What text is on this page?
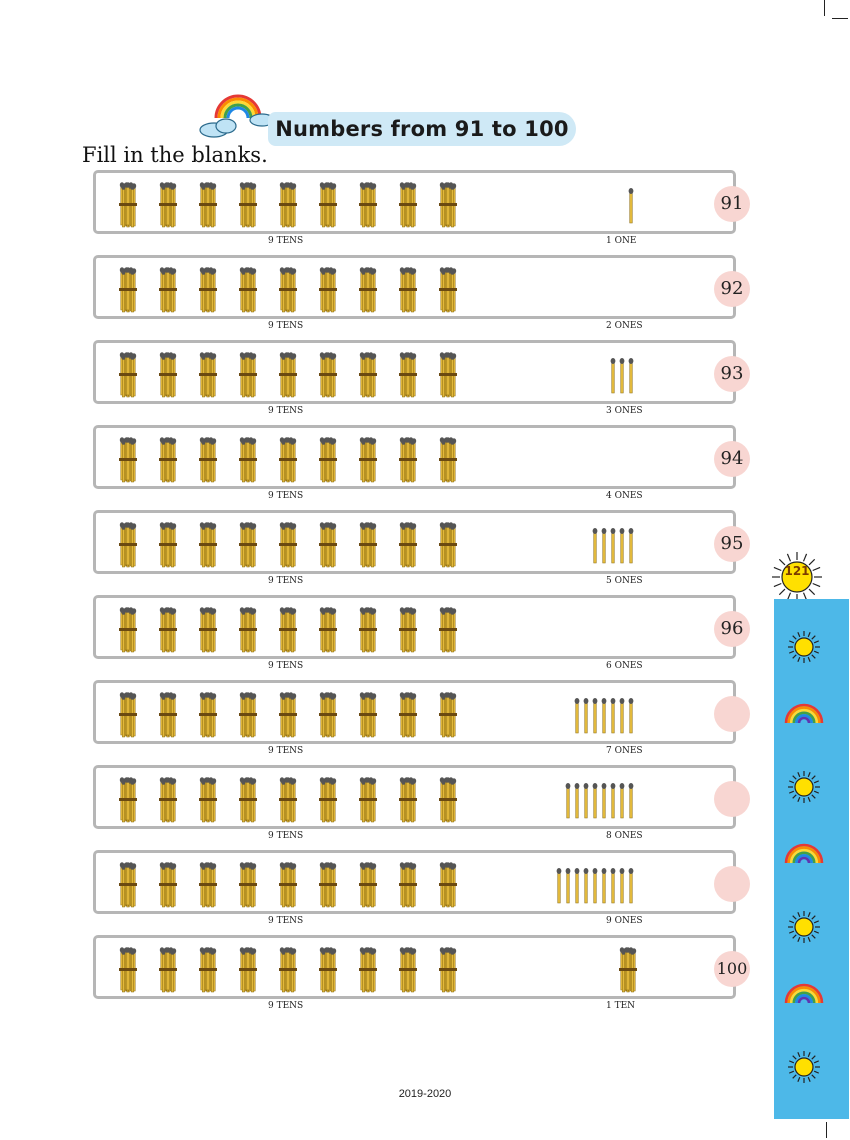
Numbers from 91 to 100
Fill in the blanks.
9 TENS	1 ONE
91
9 TENS	2 ONES
92
9 TENS	3 ONES
93
9 TENS	4 ONES
94
9 TENS	5 ONES
95
9 TENS	6 ONES
96
9 TENS	7 ONES
9 TENS	8 ONES
9 TENS	9 ONES
9 TENS	1 TEN
100
121
2019-2020
